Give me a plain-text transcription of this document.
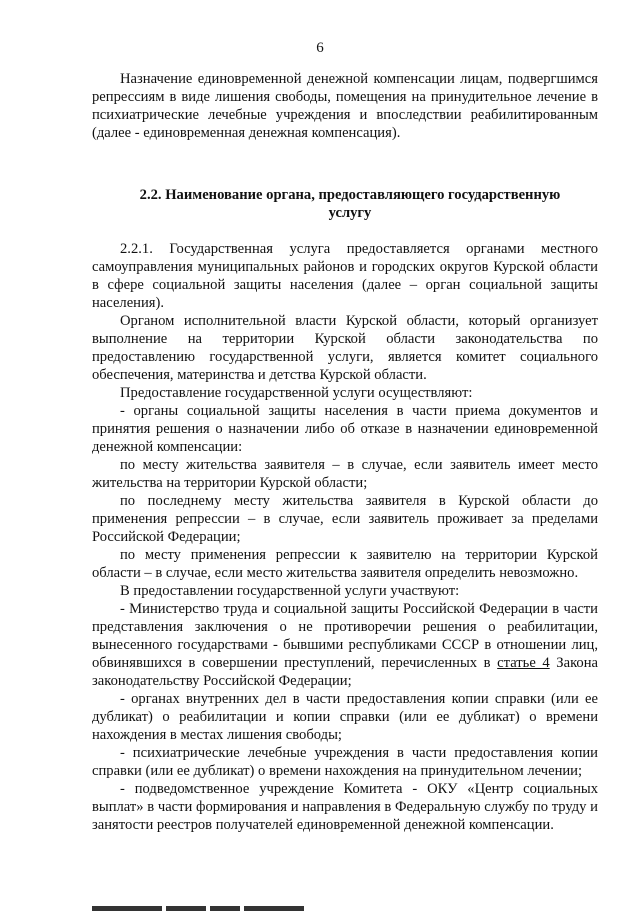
6

Назначение единовременной денежной компенсации лицам, подвергшимся репрессиям в виде лишения свободы, помещения на принудительное лечение в психиатрические лечебные учреждения и впоследствии реабилитированным (далее - единовременная денежная компенсация).

2.2. Наименование органа, предоставляющего государственную услугу

2.2.1. Государственная услуга предоставляется органами местного самоуправления муниципальных районов и городских округов Курской области в сфере социальной защиты населения (далее – орган социальной защиты населения).

Органом исполнительной власти Курской области, который организует выполнение на территории Курской области законодательства по предоставлению государственной услуги, является комитет социального обеспечения, материнства и детства Курской области.

Предоставление государственной услуги осуществляют:

- органы социальной защиты населения в части приема документов и принятия решения о назначении либо об отказе в назначении единовременной денежной компенсации:

по месту жительства заявителя – в случае, если заявитель имеет место жительства на территории Курской области;

по последнему месту жительства заявителя в Курской области до применения репрессии – в случае, если заявитель проживает за пределами Российской Федерации;

по месту применения репрессии к заявителю на территории Курской области – в случае, если место жительства заявителя определить невозможно.

В предоставлении государственной услуги участвуют:

- Министерство труда и социальной защиты Российской Федерации в части представления заключения о не противоречии решения о реабилитации, вынесенного государствами - бывшими республиками СССР в отношении лиц, обвинявшихся в совершении преступлений, перечисленных в статье 4 Закона законодательству Российской Федерации;

- органах внутренних дел в части предоставления копии справки (или ее дубликат) о реабилитации и копии справки (или ее дубликат) о времени нахождения в местах лишения свободы;

- психиатрические лечебные учреждения в части предоставления копии справки (или ее дубликат) о времени нахождения на принудительном лечении;

- подведомственное учреждение Комитета - ОКУ «Центр социальных выплат» в части формирования и направления в Федеральную службу по труду и занятости реестров получателей единовременной денежной компенсации.
